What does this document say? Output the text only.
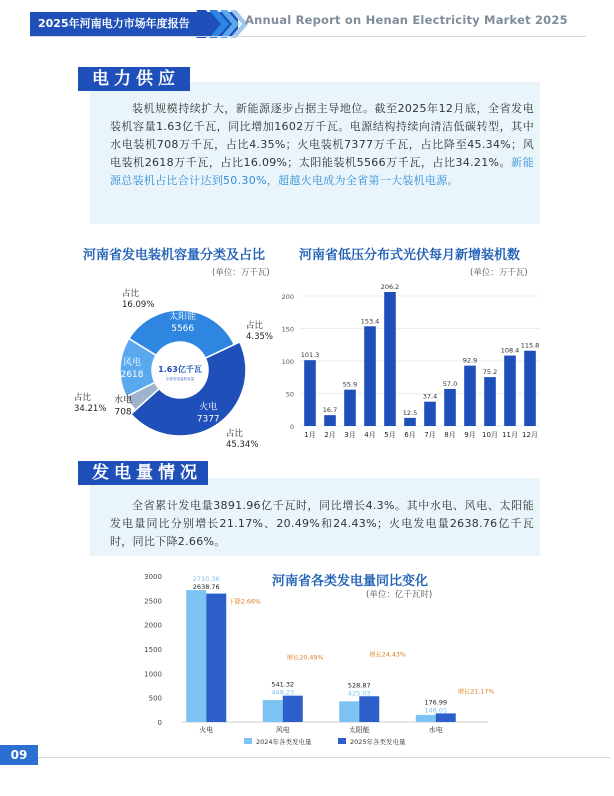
2025年河南电力市场年度报告	Annual Report on Henan Electricity Market 2025
电力供应
装机规模持续扩大，新能源逐步占据主导地位。截至2025年12月底，全省发电装机容量1.63亿千瓦，同比增加1602万千瓦。电源结构持续向清洁低碳转型，其中水电装机708万千瓦，占比4.35%；火电装机7377万千瓦，占比降至45.34%；风电装机2618万千瓦，占比16.09%；太阳能装机5566万千瓦，占比34.21%。新能源总装机占比合计达到50.30%，超越火电成为全省第一大装机电源。
河南省发电装机容量分类及占比
(单位：万千瓦)
1.63亿千瓦
全省发电装机容量
火电
7377
占比
45.34%
水电
708
占比
4.35%
风电
2618
占比
16.09%
太阳能
5566
占比
34.21%
河南省低压分布式光伏每月新增装机数
(单位：万千瓦)
0
50
100
150
200
101.3
1月
16.7
2月
55.9
3月
153.4
4月
206.2
5月
12.5
6月
37.4
7月
57.0
8月
92.9
9月
75.2
10月
108.4
11月
115.8
12月
发电量情况
全省累计发电量3891.96亿千瓦时，同比增长4.3%。其中水电、风电、太阳能发电量同比分别增长21.17%、20.49%和24.43%；火电发电量2638.76亿千瓦时，同比下降2.66%。
河南省各类发电量同比变化
(单位：亿千瓦时)
0
500
1000
1500
2000
2500
3000	2710.36
2638.76
下降2.66%
火电
541.32
449.23
增长20.49%
风电
528.87
425.03
增长24.43%
太阳能
176.99
146.05
增长21.17%
水电
2024年各类发电量	2025年各类发电量
09
